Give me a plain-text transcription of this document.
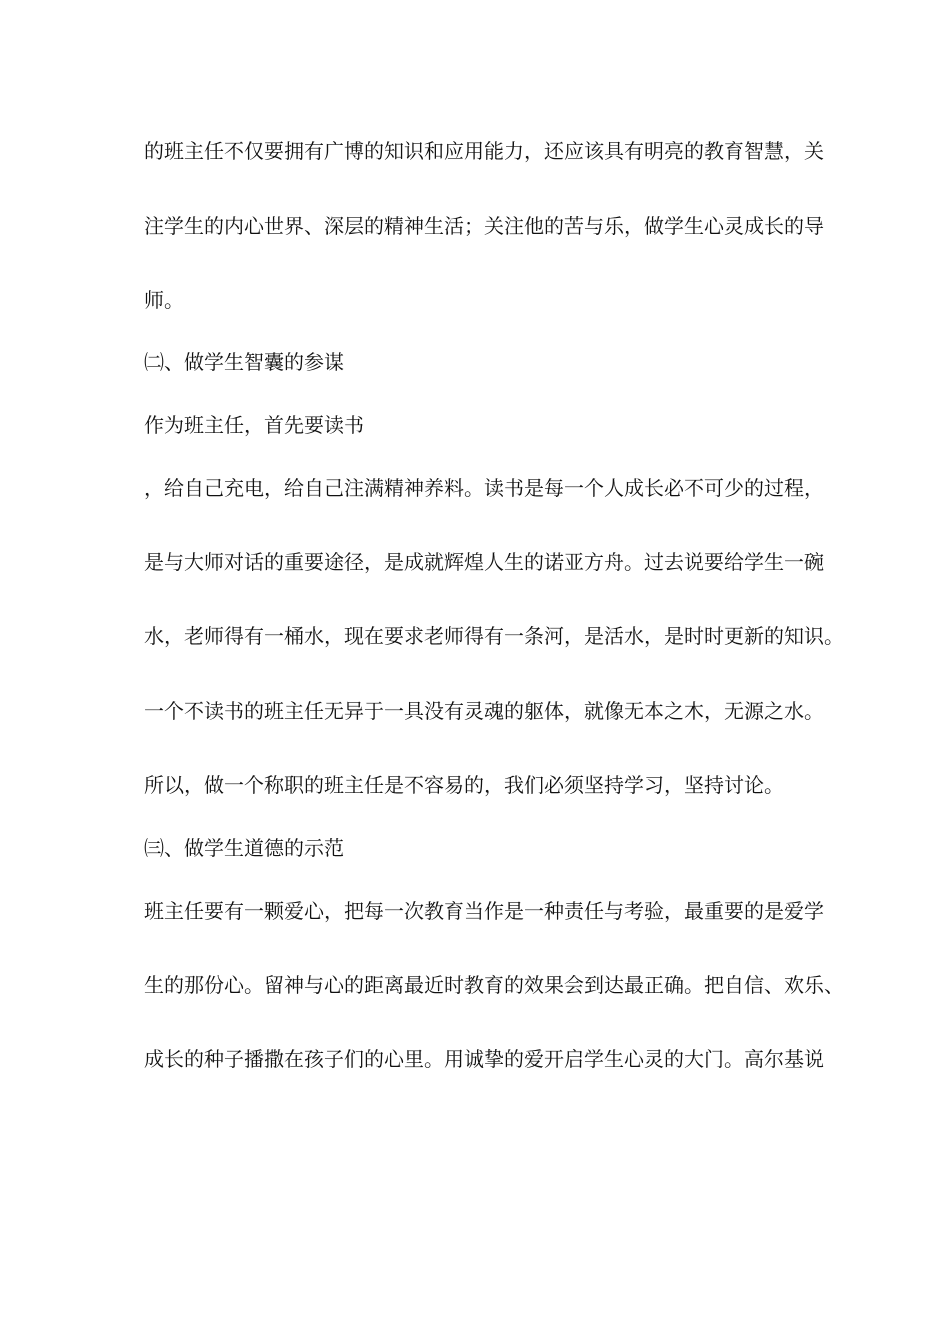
的班主任不仅要拥有广博的知识和应用能力，还应该具有明亮的教育智慧，关
注学生的内心世界、深层的精神生活；关注他的苦与乐，做学生心灵成长的导
师。
㈡、做学生智囊的参谋
作为班主任，首先要读书
，给自己充电，给自己注满精神养料。读书是每一个人成长必不可少的过程，
是与大师对话的重要途径，是成就辉煌人生的诺亚方舟。过去说要给学生一碗
水，老师得有一桶水，现在要求老师得有一条河，是活水，是时时更新的知识。
一个不读书的班主任无异于一具没有灵魂的躯体，就像无本之木，无源之水。
所以，做一个称职的班主任是不容易的，我们必须坚持学习，坚持讨论。
㈢、做学生道德的示范
班主任要有一颗爱心，把每一次教育当作是一种责任与考验，最重要的是爱学
生的那份心。留神与心的距离最近时教育的效果会到达最正确。把自信、欢乐、
成长的种子播撒在孩子们的心里。用诚挚的爱开启学生心灵的大门。高尔基说
